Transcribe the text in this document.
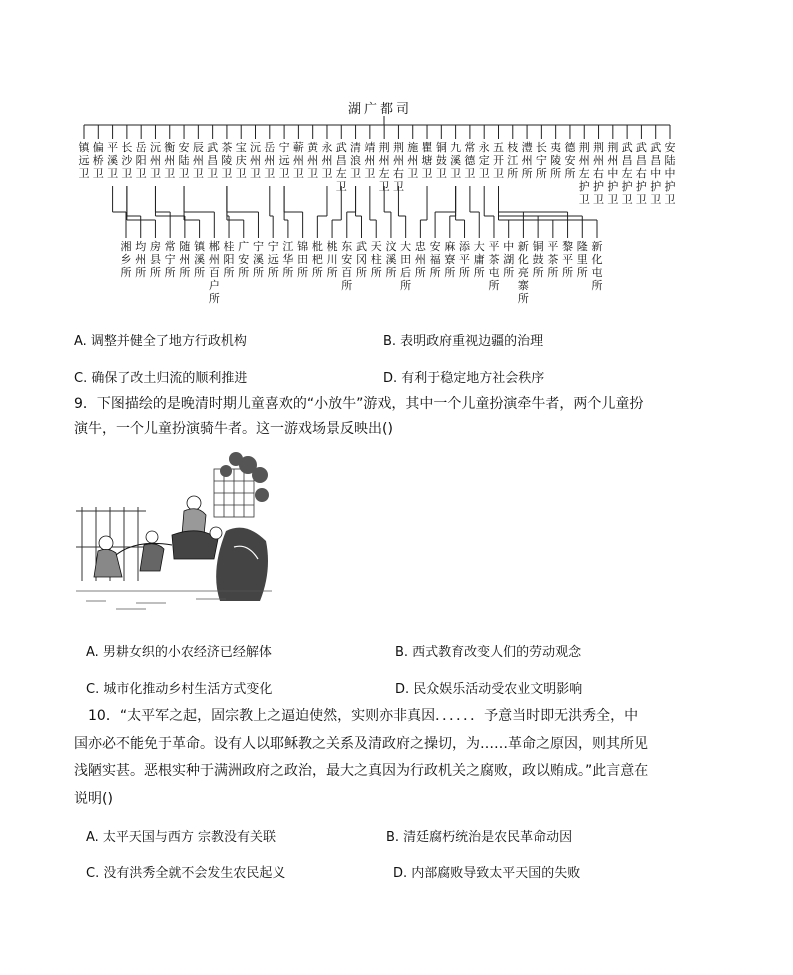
湖广都司
A. 调整并健全了地方行政机构	B. 表明政府重视边疆的治理
C. 确保了改土归流的顺利推进	D. 有利于稳定地方社会秩序
9．下图描绘的是晚清时期儿童喜欢的“小放牛”游戏，其中一个儿童扮演牵牛者，两个儿童扮
演牛，一个儿童扮演骑牛者。这一游戏场景反映出()
A. 男耕女织的小农经济已经解体	B. 西式教育改变人们的劳动观念
C. 城市化推动乡村生活方式变化	D. 民众娱乐活动受农业文明影响
10．“太平军之起，固宗教上之逼迫使然，实则亦非真因．．．．．．予意当时即无洪秀全，中
国亦必不能免于革命。设有人以耶稣教之关系及清政府之操切，为……革命之原因，则其所见
浅陋实甚。恶根实种于满洲政府之政治，最大之真因为行政机关之腐败，政以贿成。”此言意在
说明()
A. 太平天国与西方 宗教没有关联	B. 清廷腐朽统治是农民革命动因
C. 没有洪秀全就不会发生农民起义	D. 内部腐败导致太平天国的失败
镇
远
卫
偏
桥
卫
平
溪
卫
长
沙
卫
岳
阳
卫
沅
州
卫
衡
州
卫
安
陆
卫
辰
州
卫
武
昌
卫
茶
陵
卫
宝
庆
卫
沅
州
卫
岳
州
卫
宁
远
卫
蕲
州
卫
黄
州
卫
永
州
卫
武
昌
左
卫
清
浪
卫
靖
州
卫
荆
州
左
卫
荆
州
右
卫
施
州
卫
瞿
塘
卫
铜
鼓
卫
九
溪
卫
常
德
卫
永
定
卫
五
开
卫
枝
江
所
澧
州
所
长
宁
所
夷
陵
所
德
安
所
荆
州
左
护
卫
荆
州
右
护
卫
荆
州
中
护
卫
武
昌
左
护
卫
武
昌
右
护
卫
武
昌
中
护
卫
安
陆
中
护
卫
湘
乡
所
均
州
所
房
县
所
常
宁
所
随
州
所
镇
溪
所
郴
州
百
户
所
桂
阳
所
广
安
所
宁
溪
所
宁
远
所
江
华
所
锦
田
所
枇
杷
所
桃
川
所
东
安
百
所
武
冈
所
天
柱
所
汶
溪
所
大
田
后
所
忠
州
所
安
福
所
麻
寮
所
添
平
所
大
庸
所
平
茶
屯
所
中
湖
所
新
化
亮
寨
所
铜
鼓
所
平
茶
所
黎
平
所
隆
里
所
新
化
屯
所
